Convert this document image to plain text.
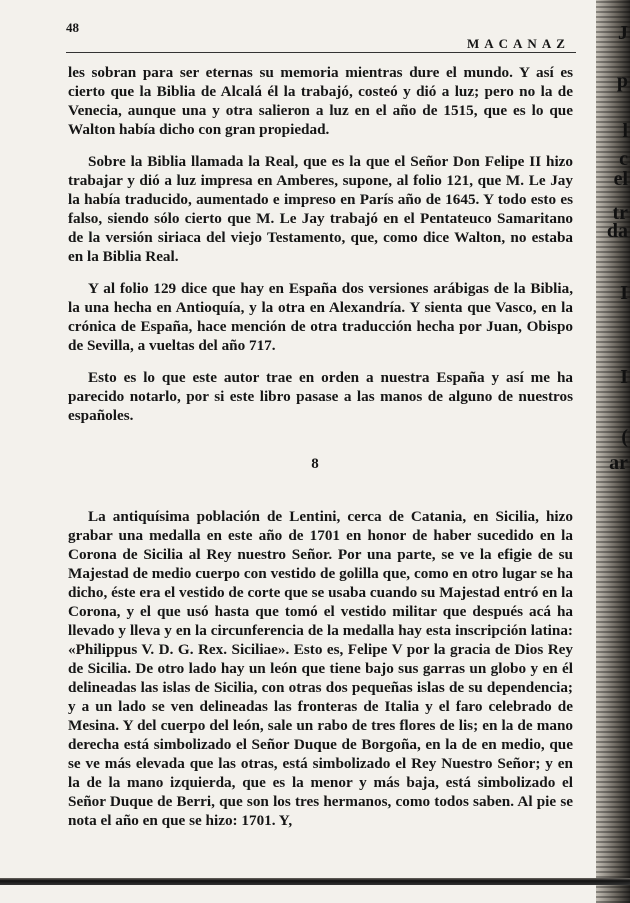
48
MACANAZ

les sobran para ser eternas su memoria mientras dure el mundo. Y así es cierto que la Biblia de Alcalá él la trabajó, costeó y dió a luz; pero no la de Venecia, aunque una y otra salieron a luz en el año de 1515, que es lo que Walton había dicho con gran propiedad.

Sobre la Biblia llamada la Real, que es la que el Señor Don Felipe II hizo trabajar y dió a luz impresa en Amberes, supone, al folio 121, que M. Le Jay la había traducido, aumentado e impreso en París año de 1645. Y todo esto es falso, siendo sólo cierto que M. Le Jay trabajó en el Pentateuco Samaritano de la versión siriaca del viejo Testamento, que, como dice Walton, no estaba en la Biblia Real.

Y al folio 129 dice que hay en España dos versiones arábigas de la Biblia, la una hecha en Antioquía, y la otra en Alexandría. Y sienta que Vasco, en la crónica de España, hace mención de otra traducción hecha por Juan, Obispo de Sevilla, a vueltas del año 717.

Esto es lo que este autor trae en orden a nuestra España y así me ha parecido notarlo, por si este libro pasase a las manos de alguno de nuestros españoles.

8

La antiquísima población de Lentini, cerca de Catania, en Sicilia, hizo grabar una medalla en este año de 1701 en honor de haber sucedido en la Corona de Sicilia al Rey nuestro Señor. Por una parte, se ve la efigie de su Majestad de medio cuerpo con vestido de golilla que, como en otro lugar se ha dicho, éste era el vestido de corte que se usaba cuando su Majestad entró en la Corona, y el que usó hasta que tomó el vestido militar que después acá ha llevado y lleva y en la circunferencia de la medalla hay esta inscripción latina: «Philippus V. D. G. Rex. Siciliae». Esto es, Felipe V por la gracia de Dios Rey de Sicilia. De otro lado hay un león que tiene bajo sus garras un globo y en él delineadas las islas de Sicilia, con otras dos pequeñas islas de su dependencia; y a un lado se ven delineadas las fronteras de Italia y el faro celebrado de Mesina. Y del cuerpo del león, sale un rabo de tres flores de lis; en la de mano derecha está simbolizado el Señor Duque de Borgoña, en la de en medio, que se ve más elevada que las otras, está simbolizado el Rey Nuestro Señor; y en la de la mano izquierda, que es la menor y más baja, está simbolizado el Señor Duque de Berri, que son los tres hermanos, como todos saben. Al pie se nota el año en que se hizo: 1701. Y,

J
p
l
c
el
tr
da
I
I
(
ar
